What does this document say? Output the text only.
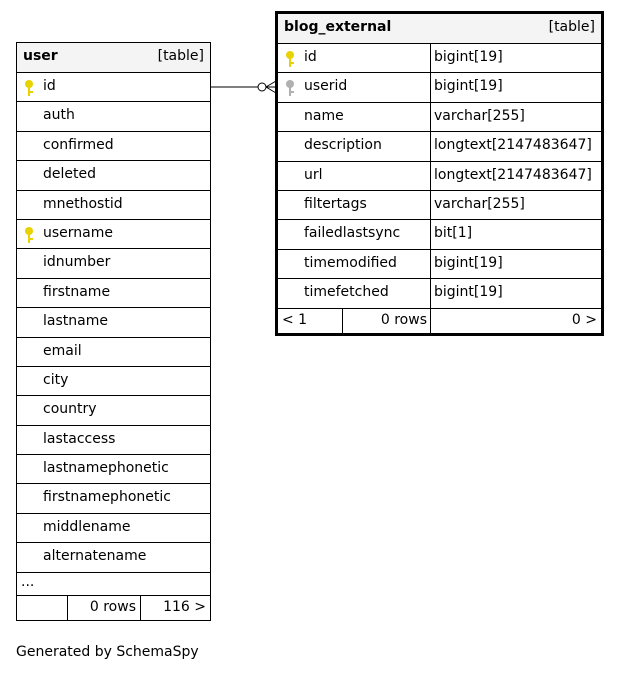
user	[table]
id
auth
confirmed
deleted
mnethostid
username
idnumber
firstname
lastname
email
city
country
lastaccess
lastnamephonetic
firstnamephonetic
middlename
alternatename
...
0 rows 116 >
blog_external	[table]
id	bigint[19]
userid	bigint[19]
name	varchar[255]
description	longtext[2147483647]
url	longtext[2147483647]
filtertags	varchar[255]
failedlastsync bit[1]
timemodified	bigint[19]
timefetched	bigint[19]
< 1	0 rows	0 >
Generated by SchemaSpy
